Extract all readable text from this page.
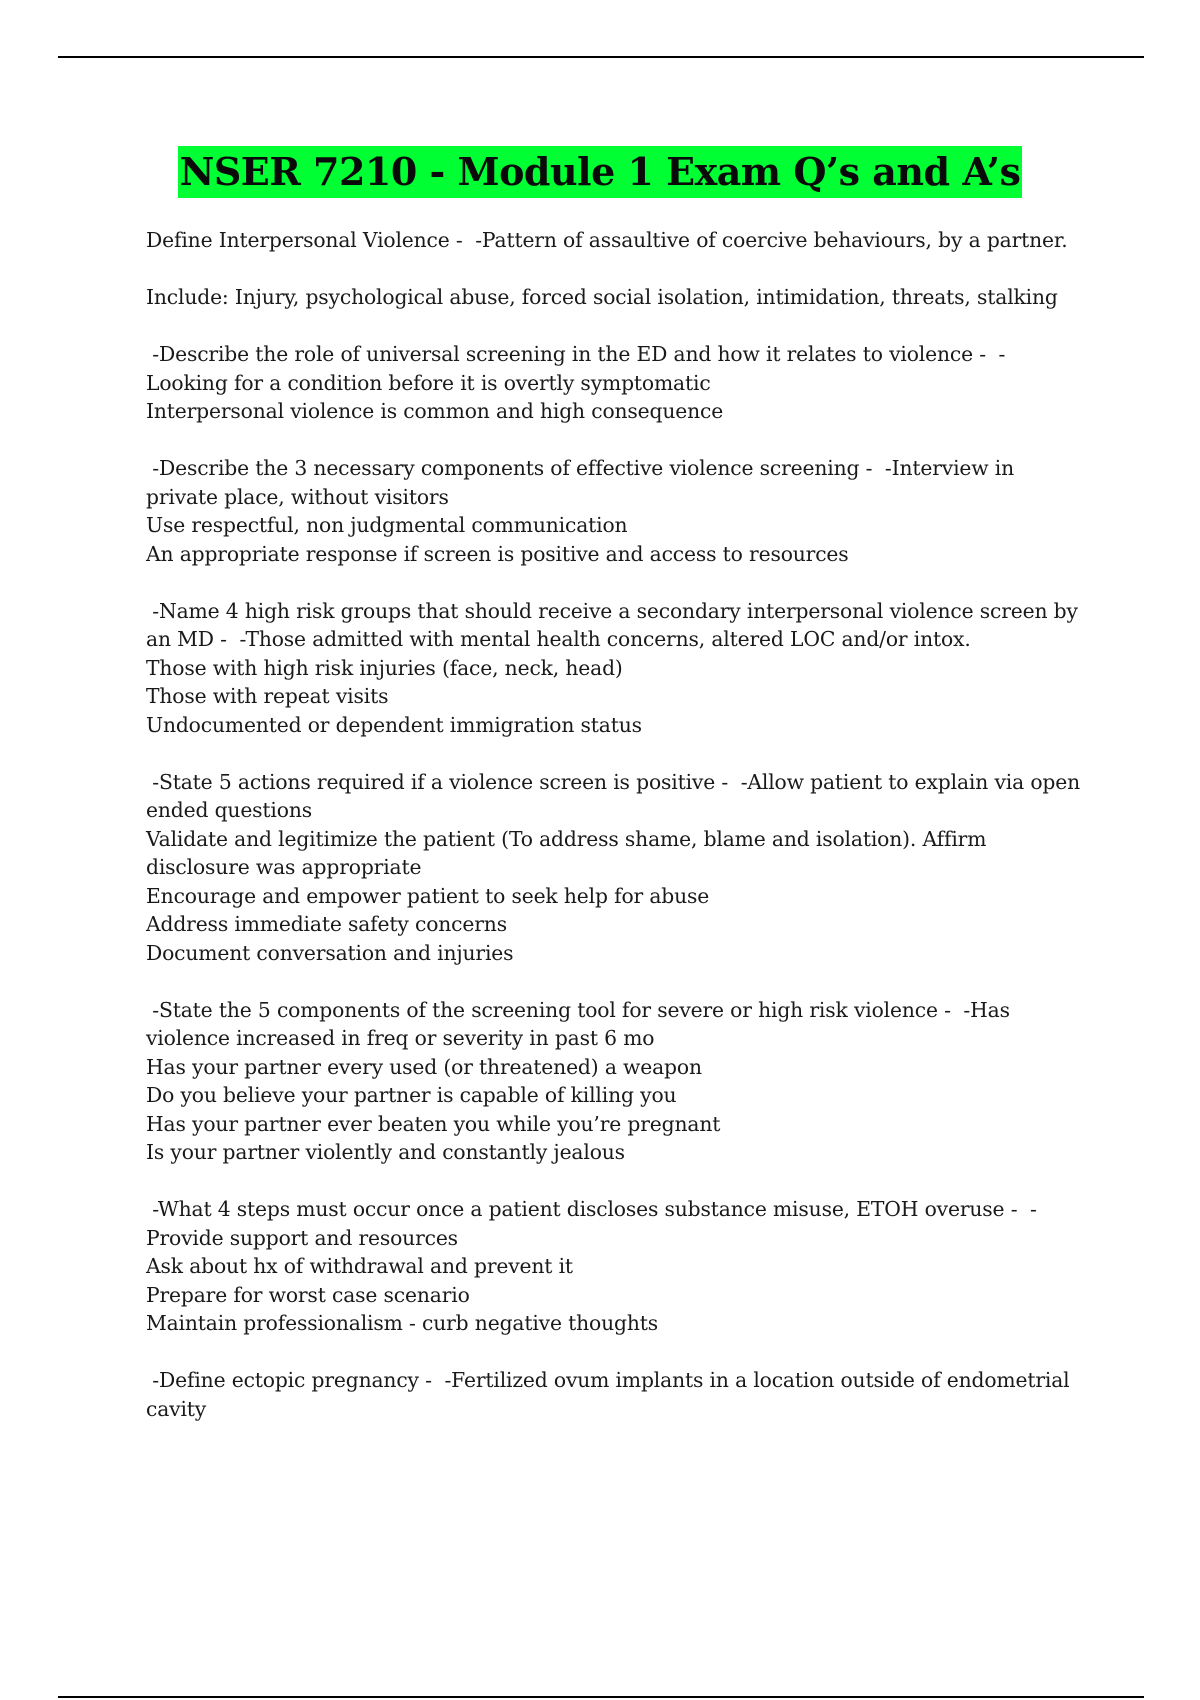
NSER 7210 - Module 1 Exam Q’s and A’s
Define Interpersonal Violence -  -Pattern of assaultive of coercive behaviours, by a partner.
Include: Injury, psychological abuse, forced social isolation, intimidation, threats, stalking
-Describe the role of universal screening in the ED and how it relates to violence -  -
Looking for a condition before it is overtly symptomatic
Interpersonal violence is common and high consequence
-Describe the 3 necessary components of effective violence screening -  -Interview in
private place, without visitors
Use respectful, non judgmental communication
An appropriate response if screen is positive and access to resources
-Name 4 high risk groups that should receive a secondary interpersonal violence screen by
an MD -  -Those admitted with mental health concerns, altered LOC and/or intox.
Those with high risk injuries (face, neck, head)
Those with repeat visits
Undocumented or dependent immigration status
-State 5 actions required if a violence screen is positive -  -Allow patient to explain via open
ended questions
Validate and legitimize the patient (To address shame, blame and isolation). Affirm
disclosure was appropriate
Encourage and empower patient to seek help for abuse
Address immediate safety concerns
Document conversation and injuries
-State the 5 components of the screening tool for severe or high risk violence -  -Has
violence increased in freq or severity in past 6 mo
Has your partner every used (or threatened) a weapon
Do you believe your partner is capable of killing you
Has your partner ever beaten you while you’re pregnant
Is your partner violently and constantly jealous
-What 4 steps must occur once a patient discloses substance misuse, ETOH overuse -  -
Provide support and resources
Ask about hx of withdrawal and prevent it
Prepare for worst case scenario
Maintain professionalism - curb negative thoughts
-Define ectopic pregnancy -  -Fertilized ovum implants in a location outside of endometrial
cavity
